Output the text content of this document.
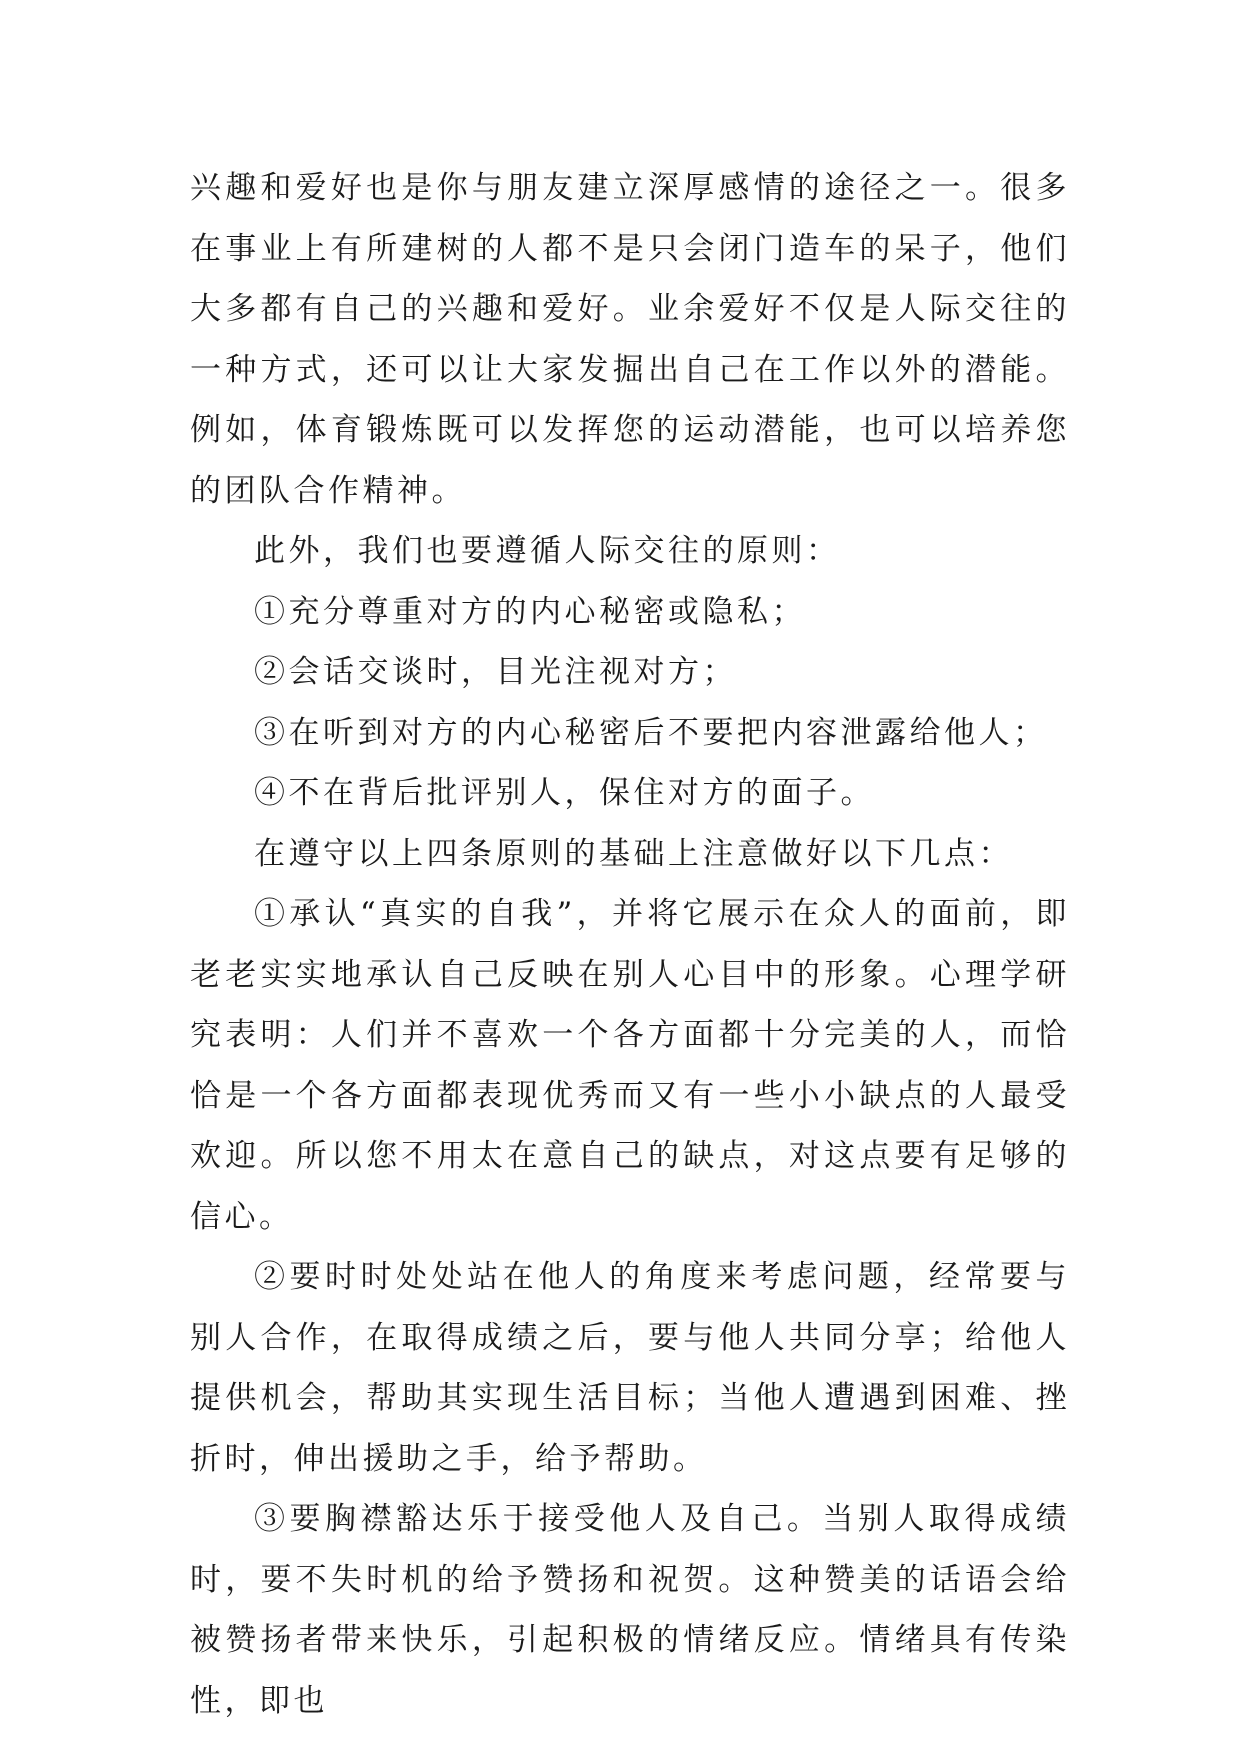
兴趣和爱好也是你与朋友建立深厚感情的途径之一。很多在事业上有所建树的人都不是只会闭门造车的呆子，他们大多都有自己的兴趣和爱好。业余爱好不仅是人际交往的一种方式，还可以让大家发掘出自己在工作以外的潜能。例如，体育锻炼既可以发挥您的运动潜能，也可以培养您的团队合作精神。

此外，我们也要遵循人际交往的原则：

①充分尊重对方的内心秘密或隐私；

②会话交谈时，目光注视对方；

③在听到对方的内心秘密后不要把内容泄露给他人；

④不在背后批评别人，保住对方的面子。

在遵守以上四条原则的基础上注意做好以下几点：

①承认“真实的自我”，并将它展示在众人的面前，即老老实实地承认自己反映在别人心目中的形象。心理学研究表明：人们并不喜欢一个各方面都十分完美的人，而恰恰是一个各方面都表现优秀而又有一些小小缺点的人最受欢迎。所以您不用太在意自己的缺点，对这点要有足够的信心。

②要时时处处站在他人的角度来考虑问题，经常要与别人合作，在取得成绩之后，要与他人共同分享；给他人提供机会，帮助其实现生活目标；当他人遭遇到困难、挫折时，伸出援助之手，给予帮助。

③要胸襟豁达乐于接受他人及自己。当别人取得成绩时，要不失时机的给予赞扬和祝贺。这种赞美的话语会给被赞扬者带来快乐，引起积极的情绪反应。情绪具有传染性，即也
